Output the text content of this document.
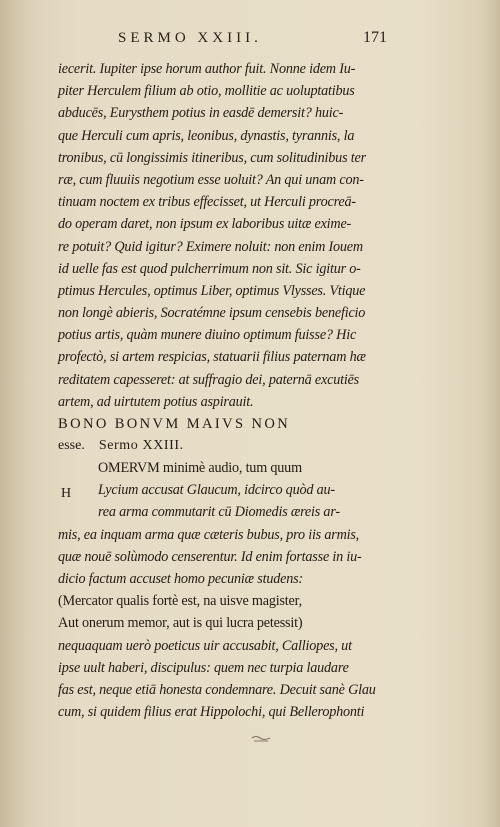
SERMO XXIII.	171
iecerit. Iupiter ipse horum author fuit. Nonne idem Iu-
piter Herculem filium ab otio, mollitie ac uoluptatibus
abducēs, Eurysthem potius in easdē demersit? huic-
que Herculi cum apris, leonibus, dynastis, tyrannis, la
tronibus, cū longissimis itineribus, cum solitudinibus ter
ræ, cum fluuiis negotium esse uoluit? An qui unam con-
tinuam noctem ex tribus effecisset, ut Herculi procreā-
do operam daret, non ipsum ex laboribus uitæ exime-
re potuit? Quid igitur? Eximere noluit: non enim Iouem
id uelle fas est quod pulcherrimum non sit. Sic igitur o-
ptimus Hercules, optimus Liber, optimus Vlysses. Vtique
non longè abieris, Socratémne ipsum censebis beneficio
potius artis, quàm munere diuino optimum fuisse? Hic
profectò, si artem respicias, statuarii filius paternam hæ
reditatem capesseret: at suffragio dei, paternā excutiēs
artem, ad uirtutem potius aspirauit.
BONO BONVM MAIVS NON
esse. Sermo XXIII.
H
OMERVM minimè audio, tum quum
Lycium accusat Glaucum, idcirco quòd au-
rea arma commutarit cū Diomedis æreis ar-
mis, ea inquam arma quæ cæteris bubus, pro iis armis,
quæ nouē solùmodo censerentur. Id enim fortasse in iu-
dicio factum accuset homo pecuniæ studens:
(Mercator qualis fortè est, na uisve magister,
Aut onerum memor, aut is qui lucra petessit)
nequaquam uerò poeticus uir accusabit, Calliopes, ut
ipse uult haberi, discipulus: quem nec turpia laudare
fas est, neque etiā honesta condemnare. Decuit sanè Glau
cum, si quidem filius erat Hippolochi, qui Bellerophonti
